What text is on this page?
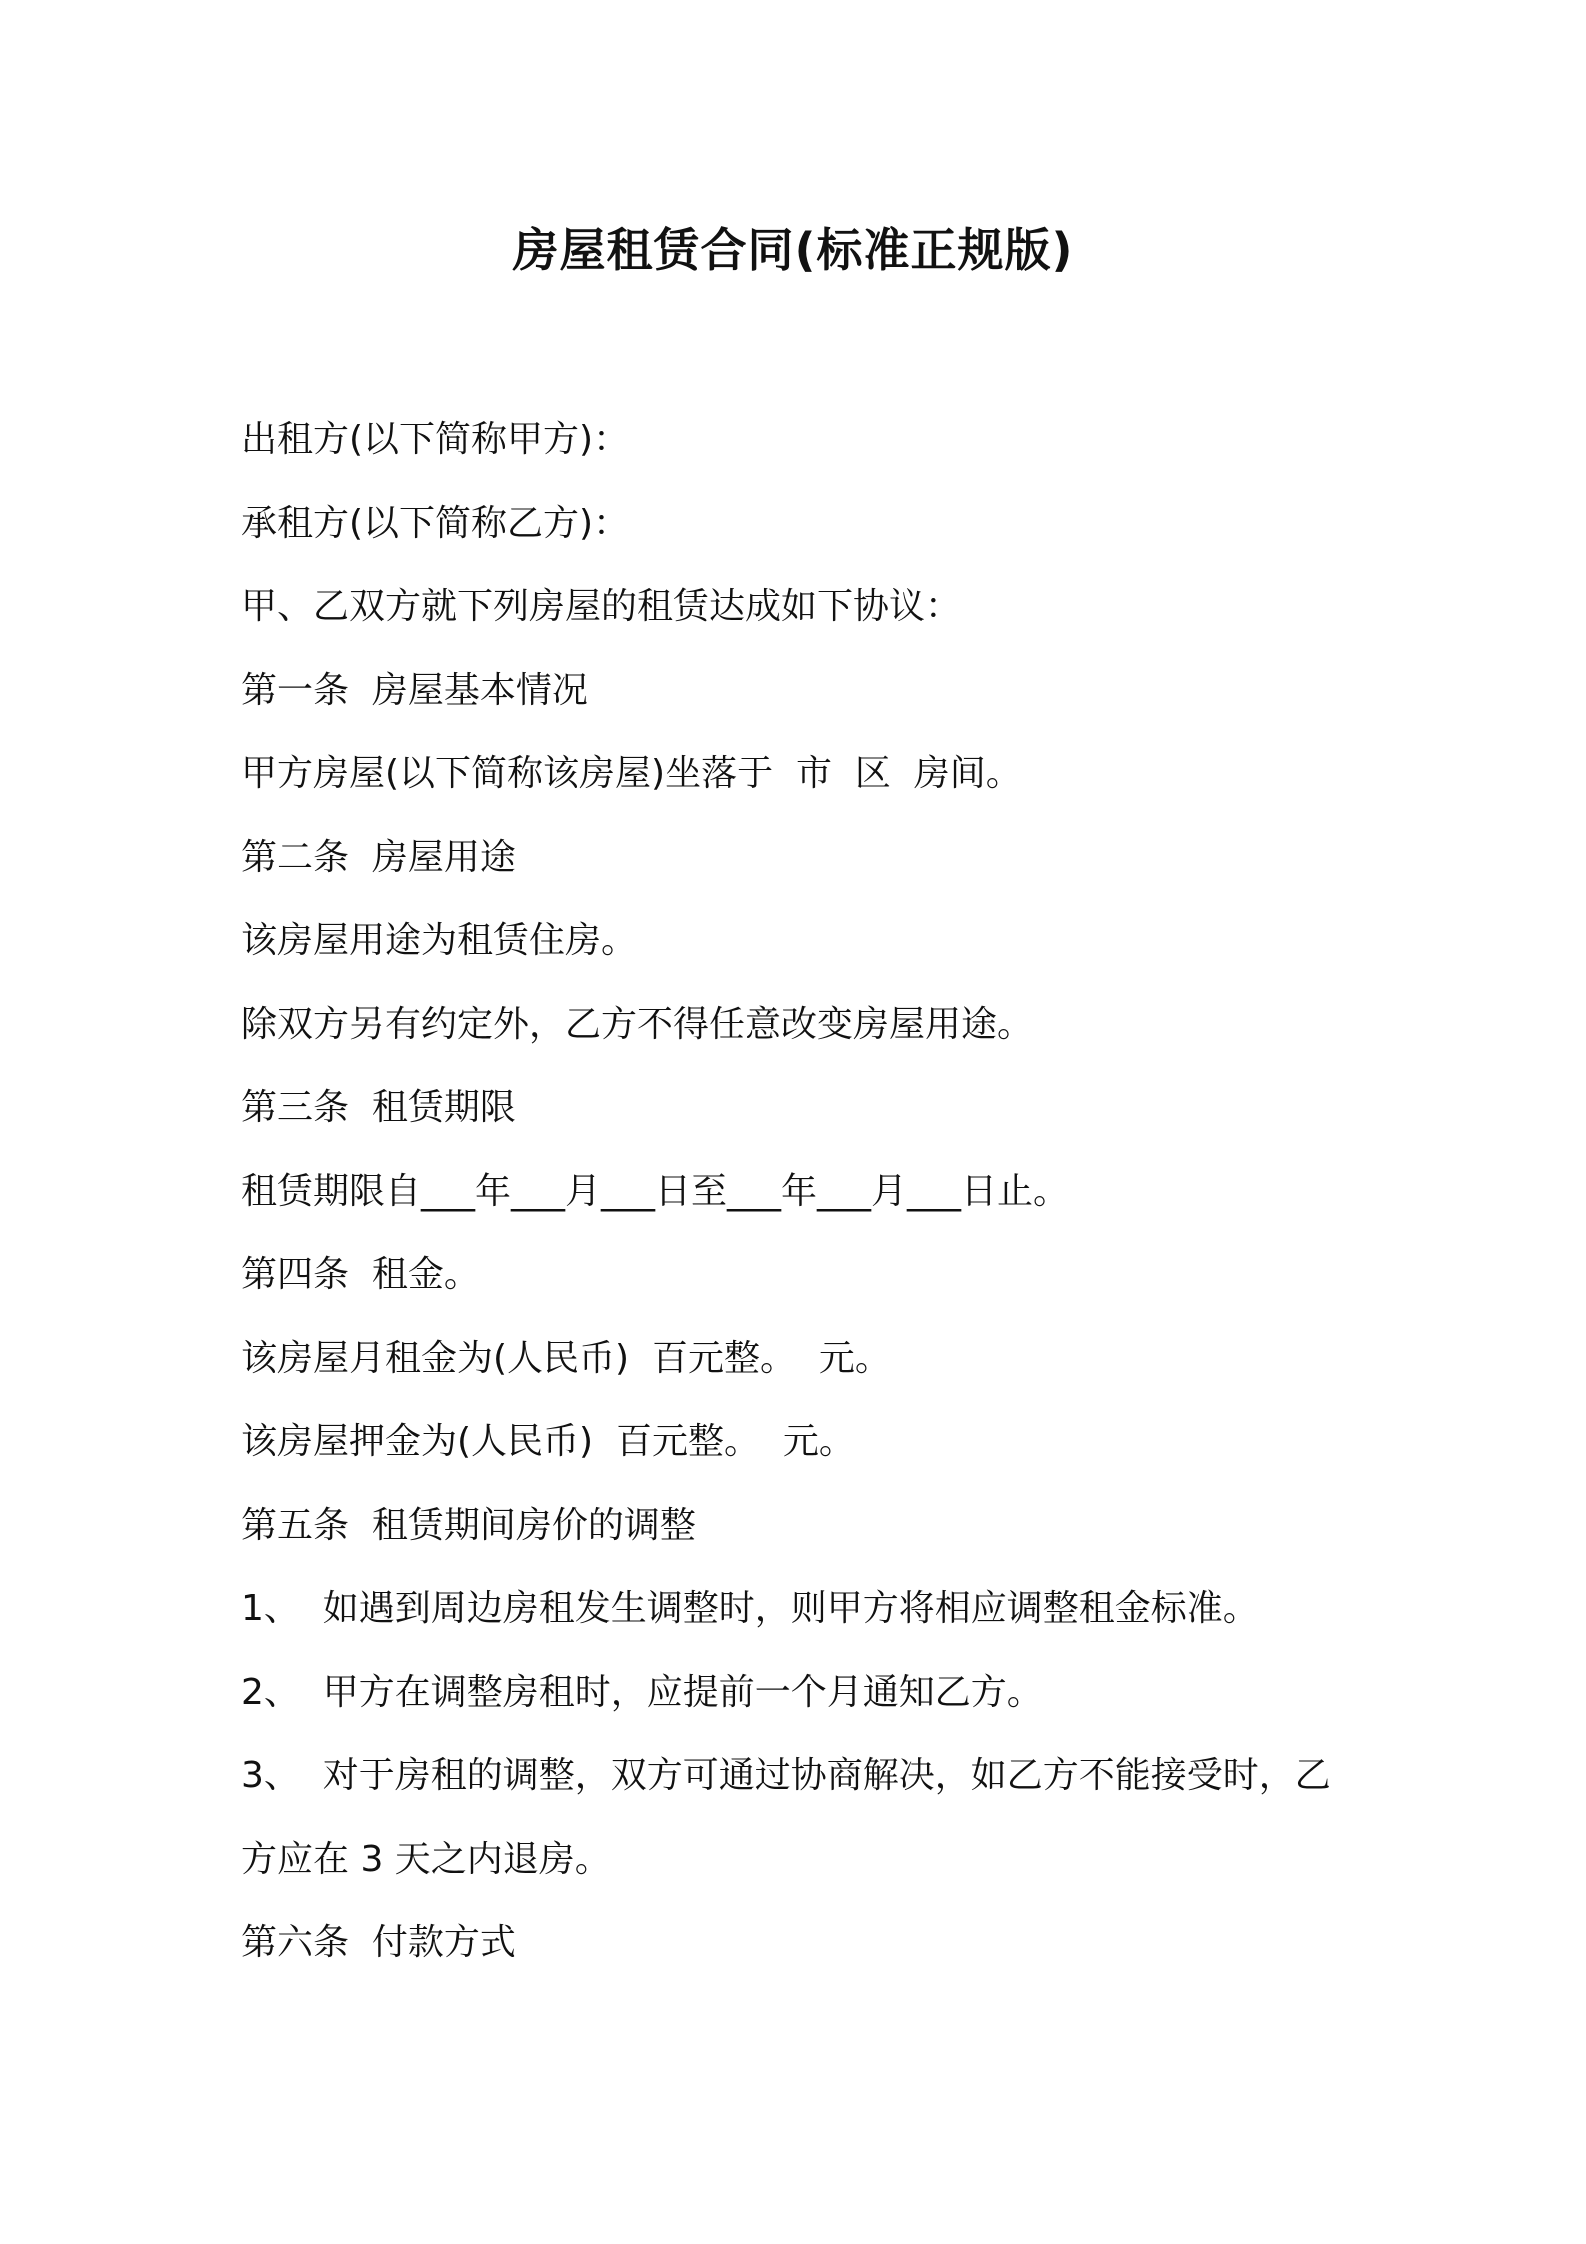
房屋租赁合同(标准正规版)

出租方(以下简称甲方)：

承租方(以下简称乙方)：

甲、乙双方就下列房屋的租赁达成如下协议：

第一条  房屋基本情况

甲方房屋(以下简称该房屋)坐落于  市  区  房间。

第二条  房屋用途

该房屋用途为租赁住房。

除双方另有约定外，乙方不得任意改变房屋用途。

第三条  租赁期限

租赁期限自___年___月___日至___年___月___日止。

第四条  租金。

该房屋月租金为(人民币)  百元整。  元。

该房屋押金为(人民币)  百元整。  元。

第五条  租赁期间房价的调整

1、  如遇到周边房租发生调整时，则甲方将相应调整租金标准。

2、  甲方在调整房租时，应提前一个月通知乙方。

3、  对于房租的调整，双方可通过协商解决，如乙方不能接受时，乙

方应在 3 天之内退房。

第六条  付款方式
